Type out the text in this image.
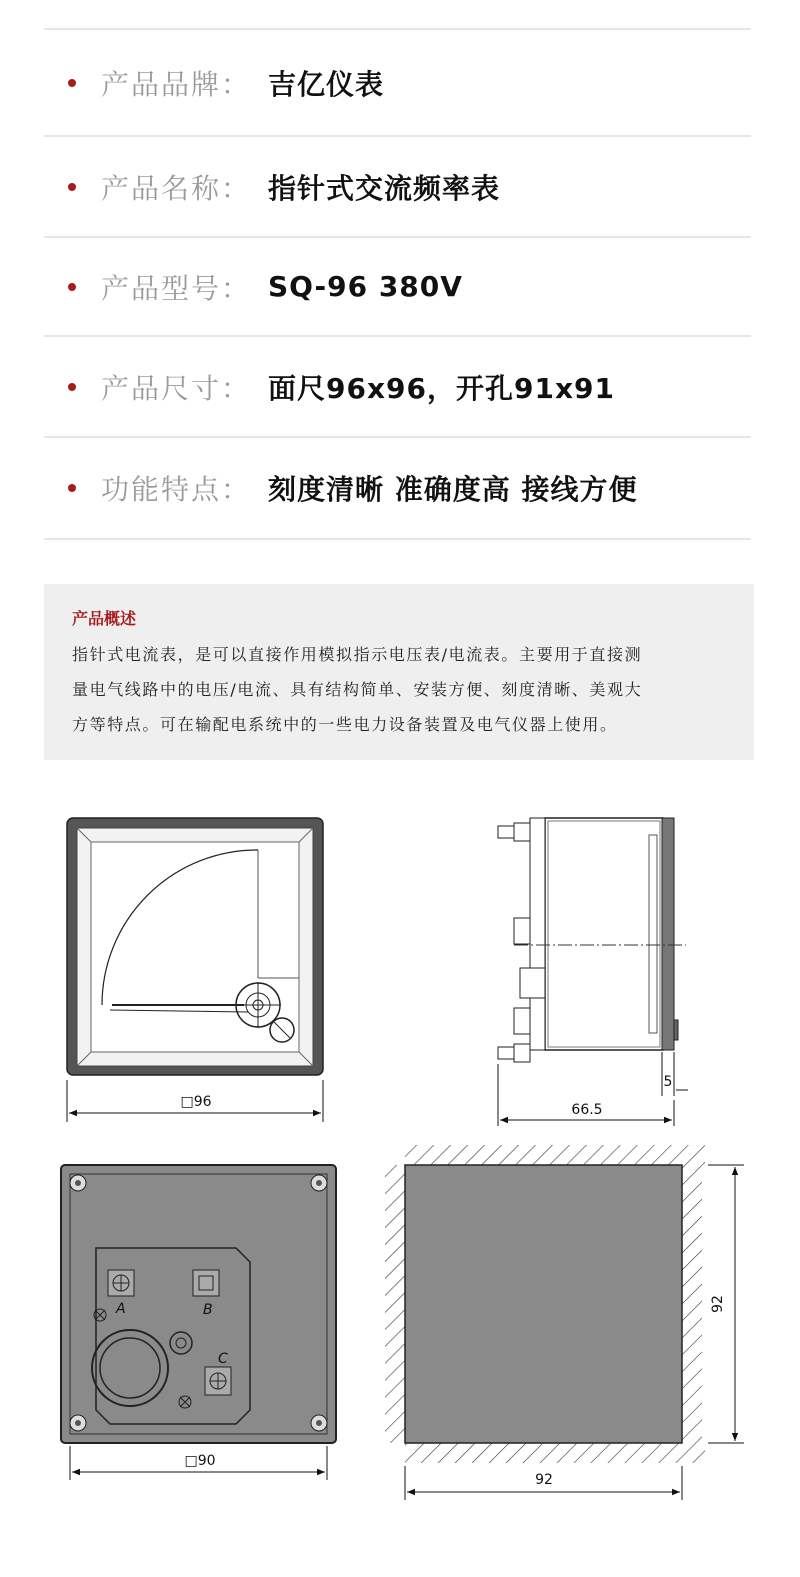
产品品牌： 吉亿仪表
产品名称： 指针式交流频率表
产品型号： SQ-96 380V
产品尺寸： 面尺96x96，开孔91x91
功能特点： 刻度清晰 准确度高 接线方便
产品概述
指针式电流表，是可以直接作用模拟指示电压表/电流表。主要用于直接测
量电气线路中的电压/电流、具有结构简单、安装方便、刻度清晰、美观大
方等特点。可在输配电系统中的一些电力设备装置及电气仪器上使用。
□96
5
66.5
A	B
C
□90
92
92
